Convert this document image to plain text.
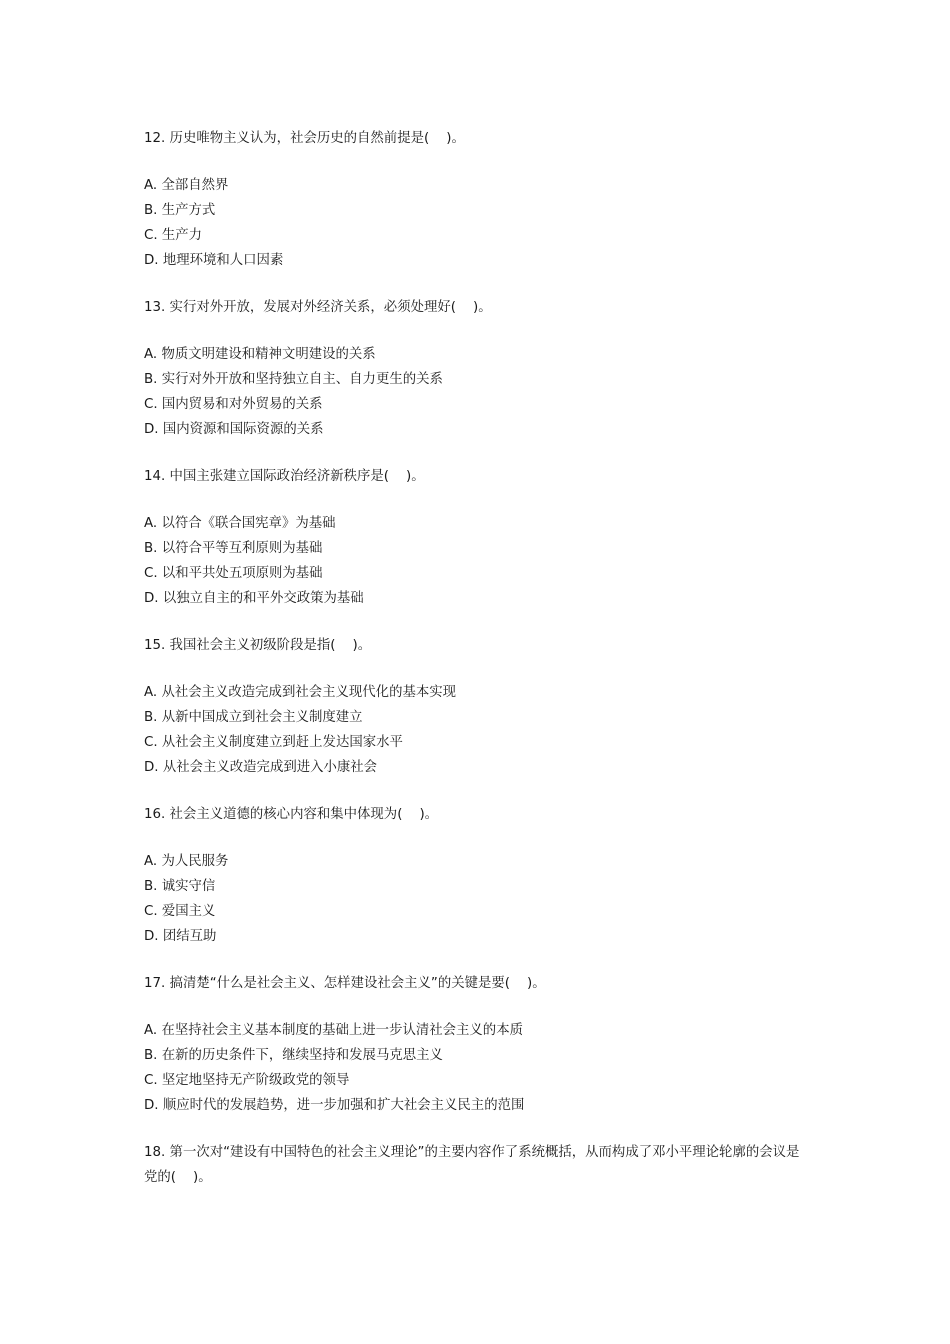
12. 历史唯物主义认为，社会历史的自然前提是(    )。

A. 全部自然界
B. 生产方式
C. 生产力
D. 地理环境和人口因素

13. 实行对外开放，发展对外经济关系，必须处理好(    )。

A. 物质文明建设和精神文明建设的关系
B. 实行对外开放和坚持独立自主、自力更生的关系
C. 国内贸易和对外贸易的关系
D. 国内资源和国际资源的关系

14. 中国主张建立国际政治经济新秩序是(    )。

A. 以符合《联合国宪章》为基础
B. 以符合平等互利原则为基础
C. 以和平共处五项原则为基础
D. 以独立自主的和平外交政策为基础

15. 我国社会主义初级阶段是指(    )。

A. 从社会主义改造完成到社会主义现代化的基本实现
B. 从新中国成立到社会主义制度建立
C. 从社会主义制度建立到赶上发达国家水平
D. 从社会主义改造完成到进入小康社会

16. 社会主义道德的核心内容和集中体现为(    )。

A. 为人民服务
B. 诚实守信
C. 爱国主义
D. 团结互助

17. 搞清楚“什么是社会主义、怎样建设社会主义”的关键是要(    )。

A. 在坚持社会主义基本制度的基础上进一步认清社会主义的本质
B. 在新的历史条件下，继续坚持和发展马克思主义
C. 坚定地坚持无产阶级政党的领导
D. 顺应时代的发展趋势，进一步加强和扩大社会主义民主的范围

18. 第一次对“建设有中国特色的社会主义理论”的主要内容作了系统概括，从而构成了邓小平理论轮廓的会议是党的(    )。
